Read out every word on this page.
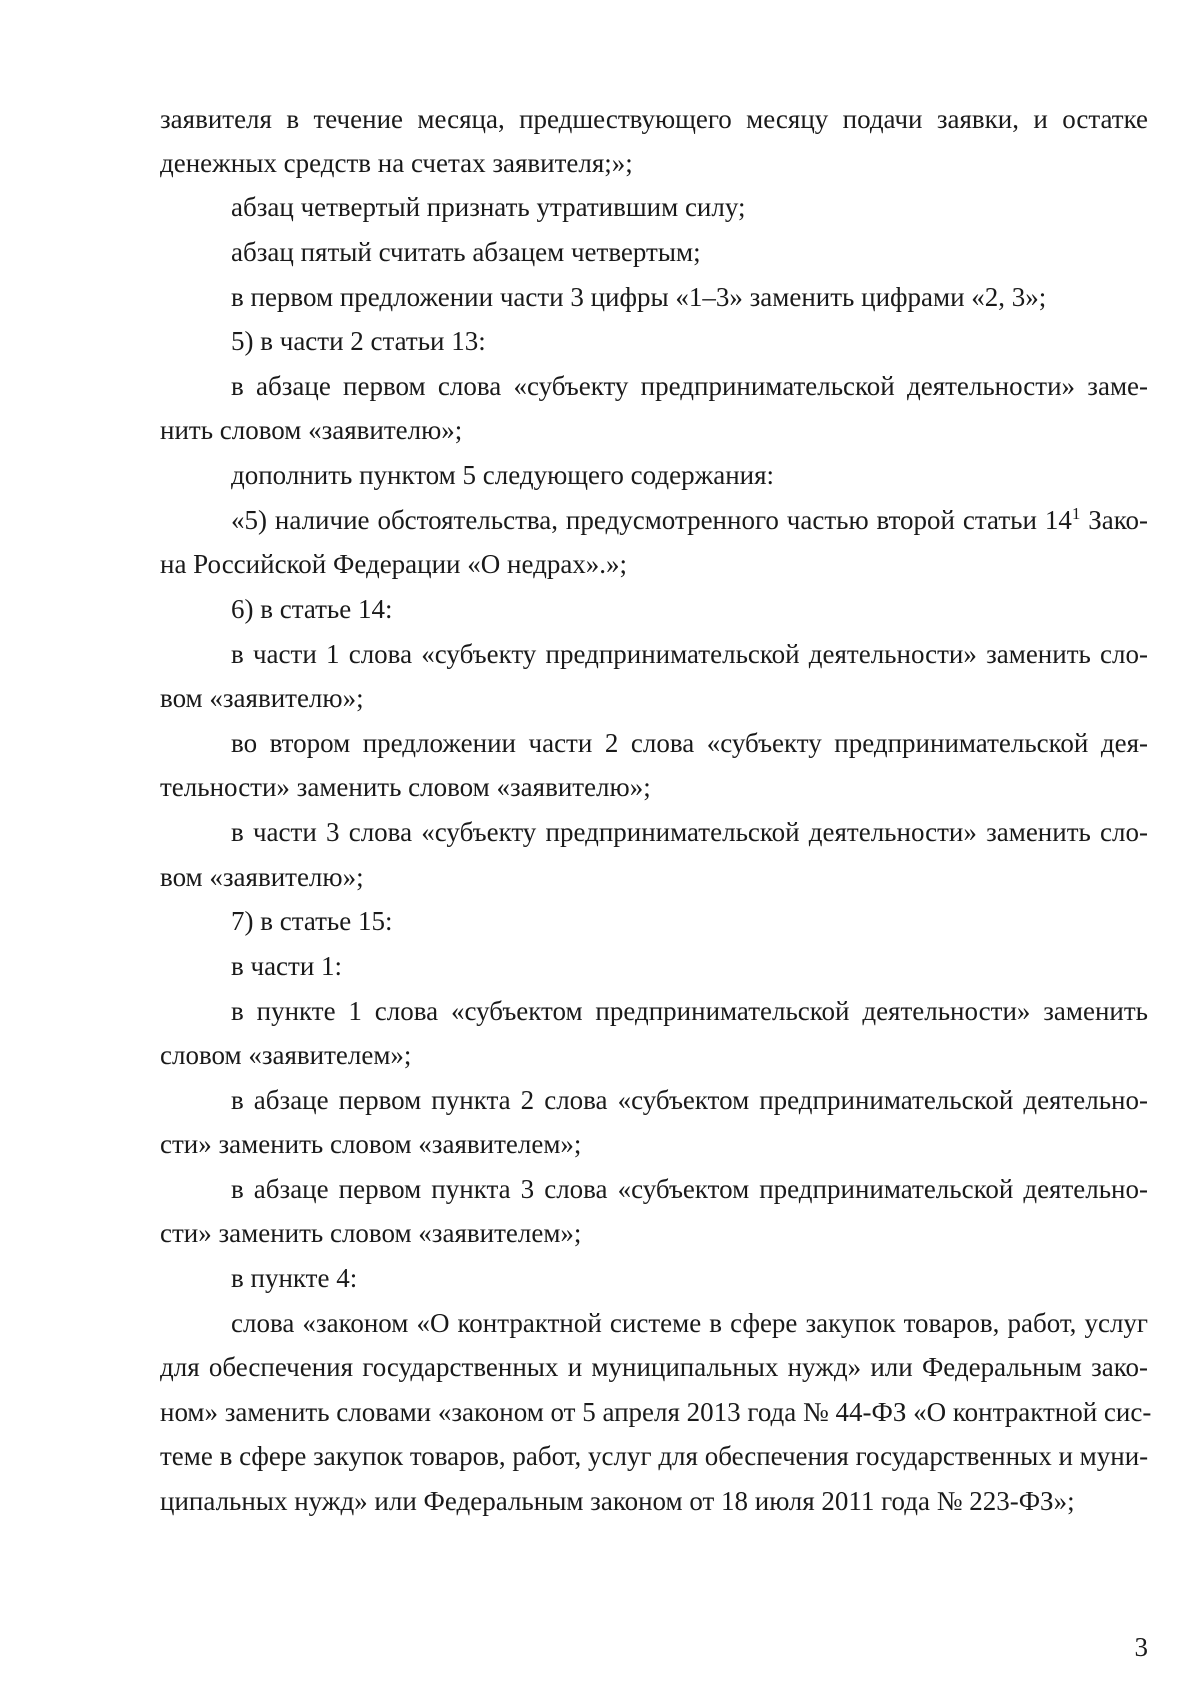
заявителя в течение месяца, предшествующего месяцу подачи заявки, и остатке
денежных средств на счетах заявителя;»;
абзац четвертый признать утратившим силу;
абзац пятый считать абзацем четвертым;
в первом предложении части 3 цифры «1–3» заменить цифрами «2, 3»;
5) в части 2 статьи 13:
в абзаце первом слова «субъекту предпринимательской деятельности» заме-
нить словом «заявителю»;
дополнить пунктом 5 следующего содержания:
«5) наличие обстоятельства, предусмотренного частью второй статьи $14^1$ Зако-
на Российской Федерации «О недрах».»;
6) в статье 14:
в части 1 слова «субъекту предпринимательской деятельности» заменить сло-
вом «заявителю»;
во втором предложении части 2 слова «субъекту предпринимательской дея-
тельности» заменить словом «заявителю»;
в части 3 слова «субъекту предпринимательской деятельности» заменить сло-
вом «заявителю»;
7) в статье 15:
в части 1:
в пункте 1 слова «субъектом предпринимательской деятельности» заменить
словом «заявителем»;
в абзаце первом пункта 2 слова «субъектом предпринимательской деятельно-
сти» заменить словом «заявителем»;
в абзаце первом пункта 3 слова «субъектом предпринимательской деятельно-
сти» заменить словом «заявителем»;
в пункте 4:
слова «законом «О контрактной системе в сфере закупок товаров, работ, услуг
для обеспечения государственных и муниципальных нужд» или Федеральным зако-
ном» заменить словами «законом от 5 апреля 2013 года № 44-ФЗ «О контрактной сис-
теме в сфере закупок товаров, работ, услуг для обеспечения государственных и муни-
ципальных нужд» или Федеральным законом от 18 июля 2011 года № 223-ФЗ»;
3
